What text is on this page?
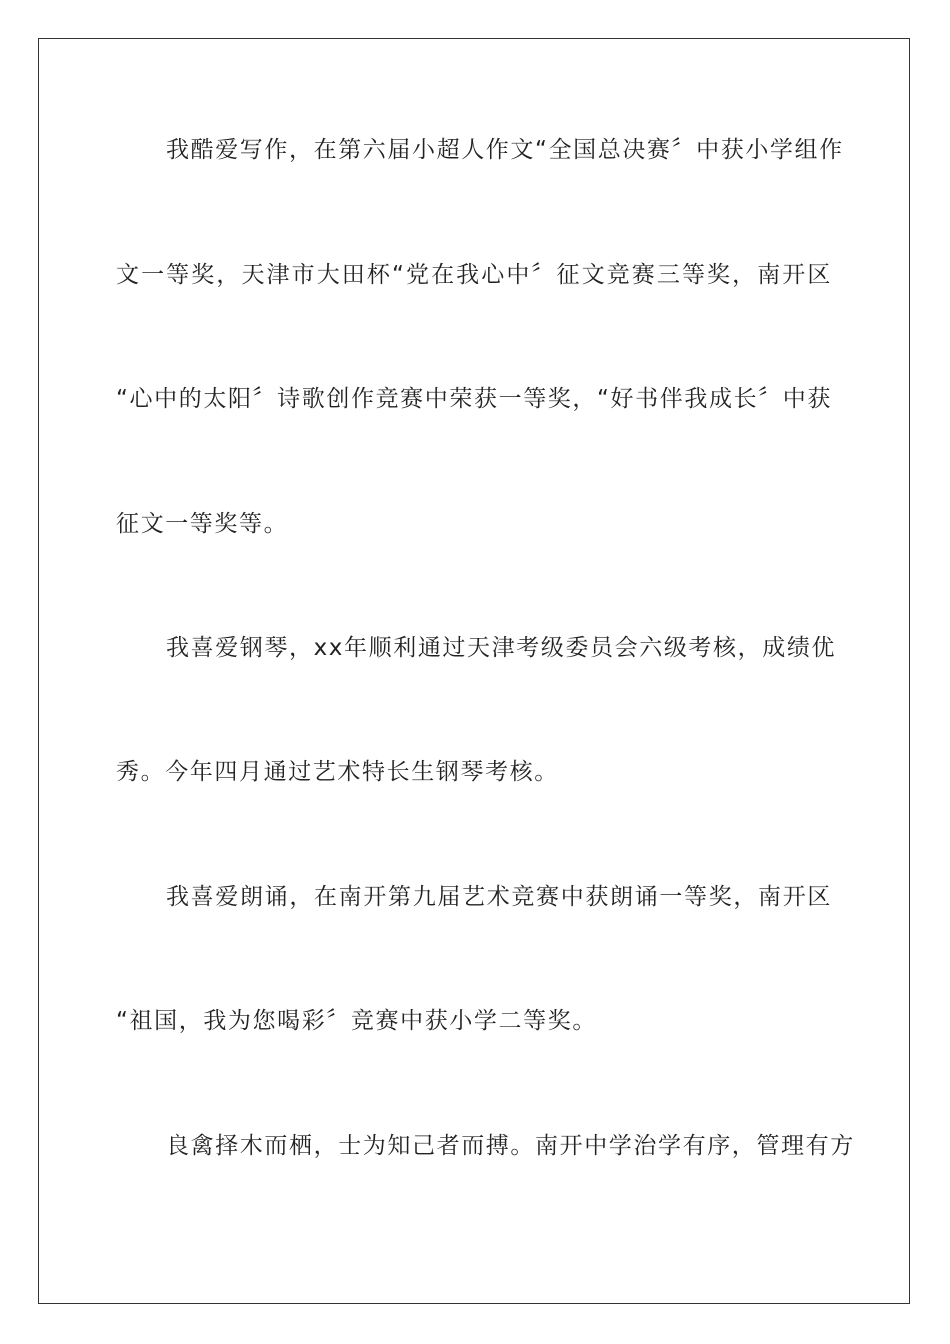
我酷爱写作，在第六届小超人作文“全国总决赛〞中获小学组作
文一等奖，天津市大田杯“党在我心中〞征文竞赛三等奖，南开区
“心中的太阳〞诗歌创作竞赛中荣获一等奖，“好书伴我成长〞中获
征文一等奖等。
我喜爱钢琴，xx年顺利通过天津考级委员会六级考核，成绩优
秀。今年四月通过艺术特长生钢琴考核。
我喜爱朗诵，在南开第九届艺术竞赛中获朗诵一等奖，南开区
“祖国，我为您喝彩〞竞赛中获小学二等奖。
良禽择木而栖，士为知己者而搏。南开中学治学有序，管理有方
